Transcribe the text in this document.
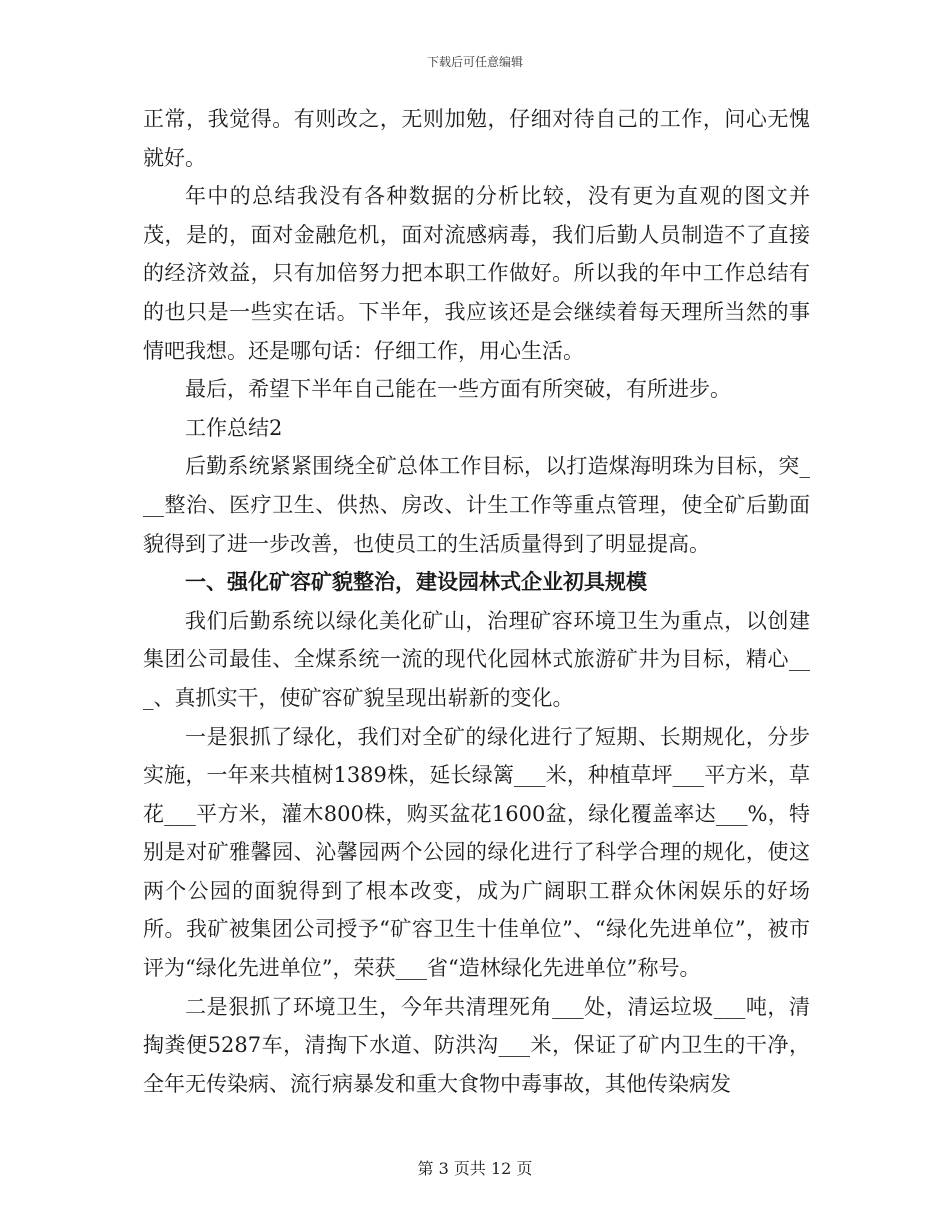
下载后可任意编辑

正常，我觉得。有则改之，无则加勉，仔细对待自己的工作，问心无愧就好。

年中的总结我没有各种数据的分析比较，没有更为直观的图文并茂，是的，面对金融危机，面对流感病毒，我们后勤人员制造不了直接的经济效益，只有加倍努力把本职工作做好。所以我的年中工作总结有的也只是一些实在话。下半年，我应该还是会继续着每天理所当然的事情吧我想。还是哪句话：仔细工作，用心生活。

最后，希望下半年自己能在一些方面有所突破，有所进步。

工作总结2

后勤系统紧紧围绕全矿总体工作目标，以打造煤海明珠为目标，突___整治、医疗卫生、供热、房改、计生工作等重点管理，使全矿后勤面貌得到了进一步改善，也使员工的生活质量得到了明显提高。

一、强化矿容矿貌整治，建设园林式企业初具规模

我们后勤系统以绿化美化矿山，治理矿容环境卫生为重点，以创建集团公司最佳、全煤系统一流的现代化园林式旅游矿井为目标，精心___、真抓实干，使矿容矿貌呈现出崭新的变化。

一是狠抓了绿化，我们对全矿的绿化进行了短期、长期规化，分步实施，一年来共植树1389株，延长绿篱___米，种植草坪___平方米，草花___平方米，灌木800株，购买盆花1600盆，绿化覆盖率达___%，特别是对矿雅馨园、沁馨园两个公园的绿化进行了科学合理的规化，使这两个公园的面貌得到了根本改变，成为广阔职工群众休闲娱乐的好场所。我矿被集团公司授予“矿容卫生十佳单位”、“绿化先进单位”，被市评为“绿化先进单位”，荣获___省“造林绿化先进单位”称号。

二是狠抓了环境卫生，今年共清理死角___处，清运垃圾___吨，清掏粪便5287车，清掏下水道、防洪沟___米，保证了矿内卫生的干净，全年无传染病、流行病暴发和重大食物中毒事故，其他传染病发

第 3 页共 12 页
